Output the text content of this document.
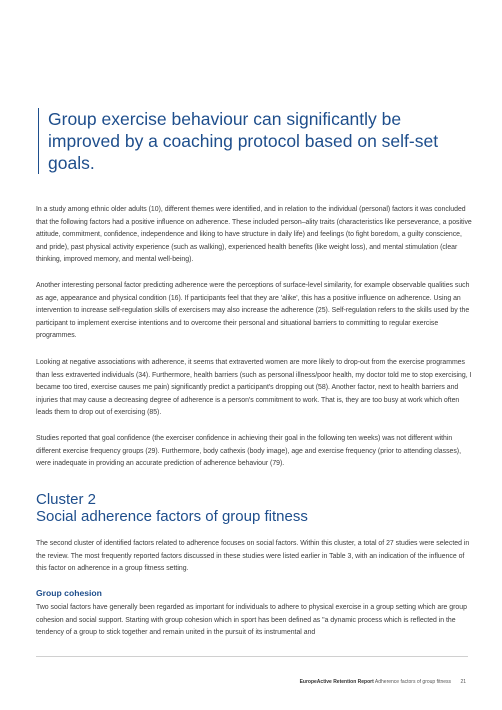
Group exercise behaviour can significantly be improved by a coaching protocol based on self-set goals.

In a study among ethnic older adults (10), different themes were identified, and in relation to the individual (personal) factors it was concluded that the following factors had a positive influence on adherence. These included person–ality traits (characteristics like perseverance, a positive attitude, commitment, confidence, independence and liking to have structure in daily life) and feelings (to fight boredom, a guilty conscience, and pride), past physical activity experience (such as walking), experienced health benefits (like weight loss), and mental stimulation (clear thinking, improved memory, and mental well-being).

Another interesting personal factor predicting adherence were the perceptions of surface-level similarity, for example observable qualities such as age, appearance and physical condition (16). If participants feel that they are 'alike', this has a positive influence on adherence. Using an intervention to increase self-regulation skills of exercisers may also increase the adherence (25). Self-regulation refers to the skills used by the participant to implement exercise intentions and to overcome their personal and situational barriers to committing to regular exercise programmes.

Looking at negative associations with adherence, it seems that extraverted women are more likely to drop-out from the exercise programmes than less extraverted individuals (34). Furthermore, health barriers (such as personal illness/poor health, my doctor told me to stop exercising, I became too tired, exercise causes me pain) significantly predict a participant's dropping out (58). Another factor, next to health barriers and injuries that may cause a decreasing degree of adherence is a person's commitment to work. That is, they are too busy at work which often leads them to drop out of exercising (85).

Studies reported that goal confidence (the exerciser confidence in achieving their goal in the following ten weeks) was not different within different exercise frequency groups (29). Furthermore, body cathexis (body image), age and exercise frequency (prior to attending classes), were inadequate in providing an accurate prediction of adherence behaviour (79).

Cluster 2
Social adherence factors of group fitness

The second cluster of identified factors related to adherence focuses on social factors. Within this cluster, a total of 27 studies were selected in the review. The most frequently reported factors discussed in these studies were listed earlier in Table 3, with an indication of the influence of this factor on adherence in a group fitness setting.

Group cohesion

Two social factors have generally been regarded as important for individuals to adhere to physical exercise in a group setting which are group cohesion and social support. Starting with group cohesion which in sport has been defined as "a dynamic process which is reflected in the tendency of a group to stick together and remain united in the pursuit of its instrumental and

EuropeActive Retention Report Adherence factors of group fitness 21
